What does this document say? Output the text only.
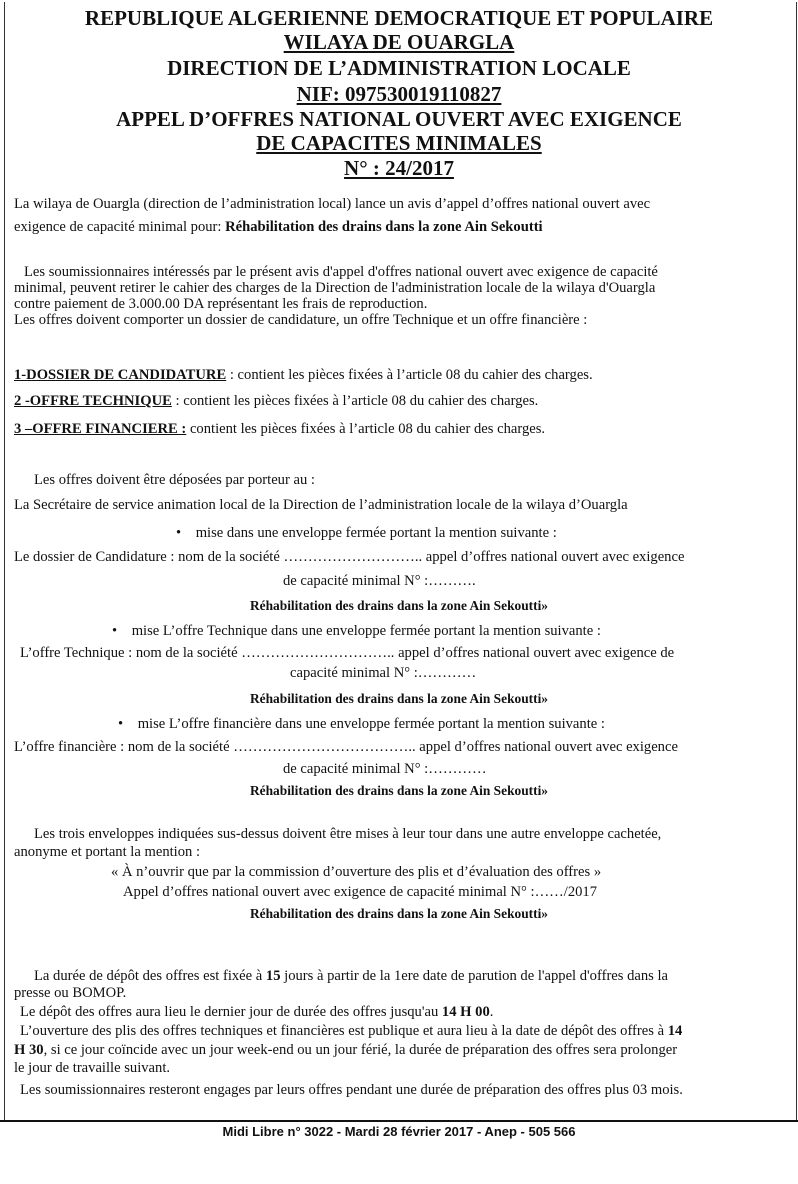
REPUBLIQUE ALGERIENNE DEMOCRATIQUE ET POPULAIRE
WILAYA DE OUARGLA
DIRECTION DE L’ADMINISTRATION LOCALE
NIF: 097530019110827
APPEL D’OFFRES NATIONAL OUVERT AVEC EXIGENCE
DE CAPACITES MINIMALES
N° : 24/2017
La wilaya de Ouargla (direction de l’administration local) lance un avis d’appel d’offres national ouvert avec
exigence de capacité minimal pour: Réhabilitation des drains dans la zone Ain Sekoutti
Les soumissionnaires intéressés par le présent avis d'appel d'offres national ouvert avec exigence de capacité
minimal, peuvent retirer le cahier des charges de la Direction de l'administration locale de la wilaya d'Ouargla
contre paiement de 3.000.00 DA représentant les frais de reproduction.
Les offres doivent comporter un dossier de candidature, un offre Technique et un offre financière :
1-DOSSIER DE CANDIDATURE : contient les pièces fixées à l’article 08 du cahier des charges.
2 -OFFRE TECHNIQUE : contient les pièces fixées à l’article 08 du cahier des charges.
3 –OFFRE FINANCIERE : contient les pièces fixées à l’article 08 du cahier des charges.
Les offres doivent être déposées par porteur au :
La Secrétaire de service animation local de la Direction de l’administration locale de la wilaya d’Ouargla
•    mise dans une enveloppe fermée portant la mention suivante :
Le dossier de Candidature : nom de la société ……………………….. appel d’offres national ouvert avec exigence
de capacité minimal N° :……….
Réhabilitation des drains dans la zone Ain Sekoutti»
•    mise L’offre Technique dans une enveloppe fermée portant la mention suivante :
L’offre Technique : nom de la société ………………………….. appel d’offres national ouvert avec exigence de
capacité minimal N° :…………
Réhabilitation des drains dans la zone Ain Sekoutti»
•    mise L’offre financière dans une enveloppe fermée portant la mention suivante :
L’offre financière : nom de la société ……………………………….. appel d’offres national ouvert avec exigence
de capacité minimal N° :…………
Réhabilitation des drains dans la zone Ain Sekoutti»
Les trois enveloppes indiquées sus-dessus doivent être mises à leur tour dans une autre enveloppe cachetée,
anonyme et portant la mention :
« À n’ouvrir que par la commission d’ouverture des plis et d’évaluation des offres »
Appel d’offres national ouvert avec exigence de capacité minimal N° :……/2017
Réhabilitation des drains dans la zone Ain Sekoutti»
La durée de dépôt des offres est fixée à 15 jours à partir de la 1ere date de parution de l'appel d'offres dans la
presse ou BOMOP.
Le dépôt des offres aura lieu le dernier jour de durée des offres jusqu'au 14 H 00.
L’ouverture des plis des offres techniques et financières est publique et aura lieu à la date de dépôt des offres à 14
H 30, si ce jour coïncide avec un jour week-end ou un jour férié, la durée de préparation des offres sera prolonger
le jour de travaille suivant.
Les soumissionnaires resteront engages par leurs offres pendant une durée de préparation des offres plus 03 mois.
Midi Libre n° 3022 - Mardi 28 février 2017 - Anep - 505 566
